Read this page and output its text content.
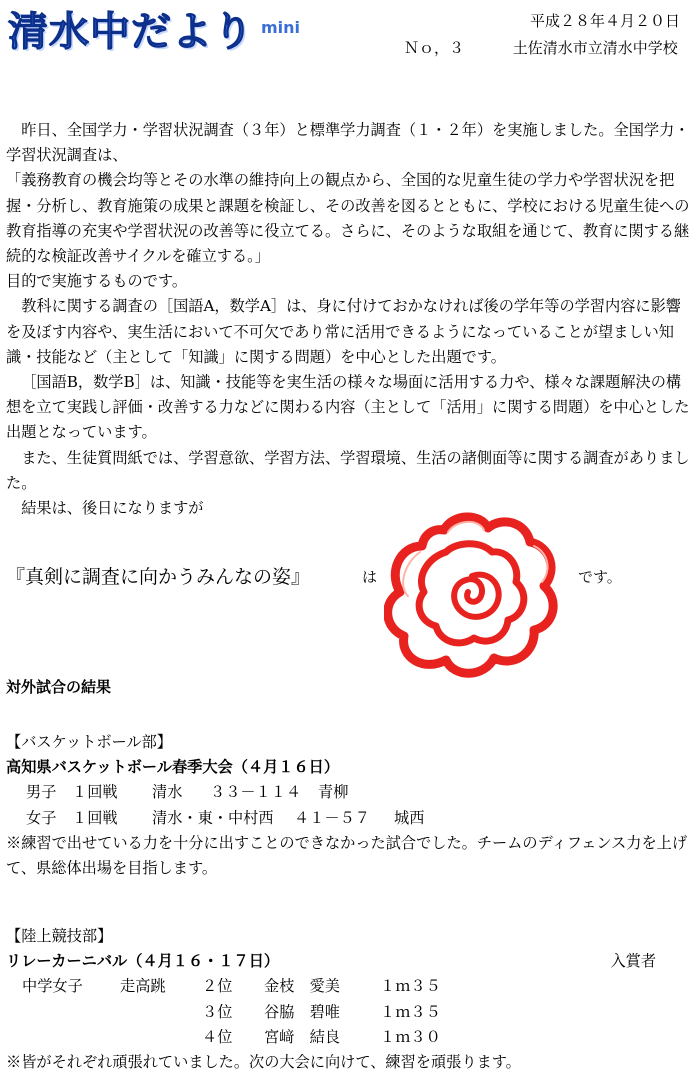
清水中だより mini	平成２８年４月２０日
Ｎｏ，３	土佐清水市立清水中学校

昨日、全国学力・学習状況調査（３年）と標準学力調査（１・２年）を実施しました。全国学力・学習状況調査は、

「義務教育の機会均等とその水準の維持向上の観点から、全国的な児童生徒の学力や学習状況を把握・分析し、教育施策の成果と課題を検証し、その改善を図るとともに、学校における児童生徒への教育指導の充実や学習状況の改善等に役立てる。さらに、そのような取組を通じて、教育に関する継続的な検証改善サイクルを確立する。」

目的で実施するものです。

教科に関する調査の［国語A，数学A］は、身に付けておかなければ後の学年等の学習内容に影響を及ぼす内容や、実生活において不可欠であり常に活用できるようになっていることが望ましい知識・技能など（主として「知識」に関する問題）を中心とした出題です。

［国語B，数学B］は、知識・技能等を実生活の様々な場面に活用する力や、様々な課題解決の構想を立て実践し評価・改善する力などに関わる内容（主として「活用」に関する問題）を中心とした出題となっています。

また、生徒質問紙では、学習意欲、学習方法、学習環境、生活の諸側面等に関する調査がありました。

結果は、後日になりますが

『真剣に調査に向かうみんなの姿』	は	です。
対外試合の結果

【バスケットボール部】

高知県バスケットボール春季大会（４月１６日）

男子 １回戦 清水 ３３－１１４ 青柳
女子 １回戦 清水・東・中村西 ４１－５７ 城西

※練習で出せている力を十分に出すことのできなかった試合でした。チームのディフェンス力を上げて、県総体出場を目指します。

【陸上競技部】

リレーカーニバル（４月１６・１７日）	入賞者
中学女子 走高跳 ２位 金枝　愛美	１ｍ３５
３位 谷脇　碧唯	１ｍ３５
４位 宮﨑　結良	１ｍ３０

※皆がそれぞれ頑張れていました。次の大会に向けて、練習を頑張ります。
